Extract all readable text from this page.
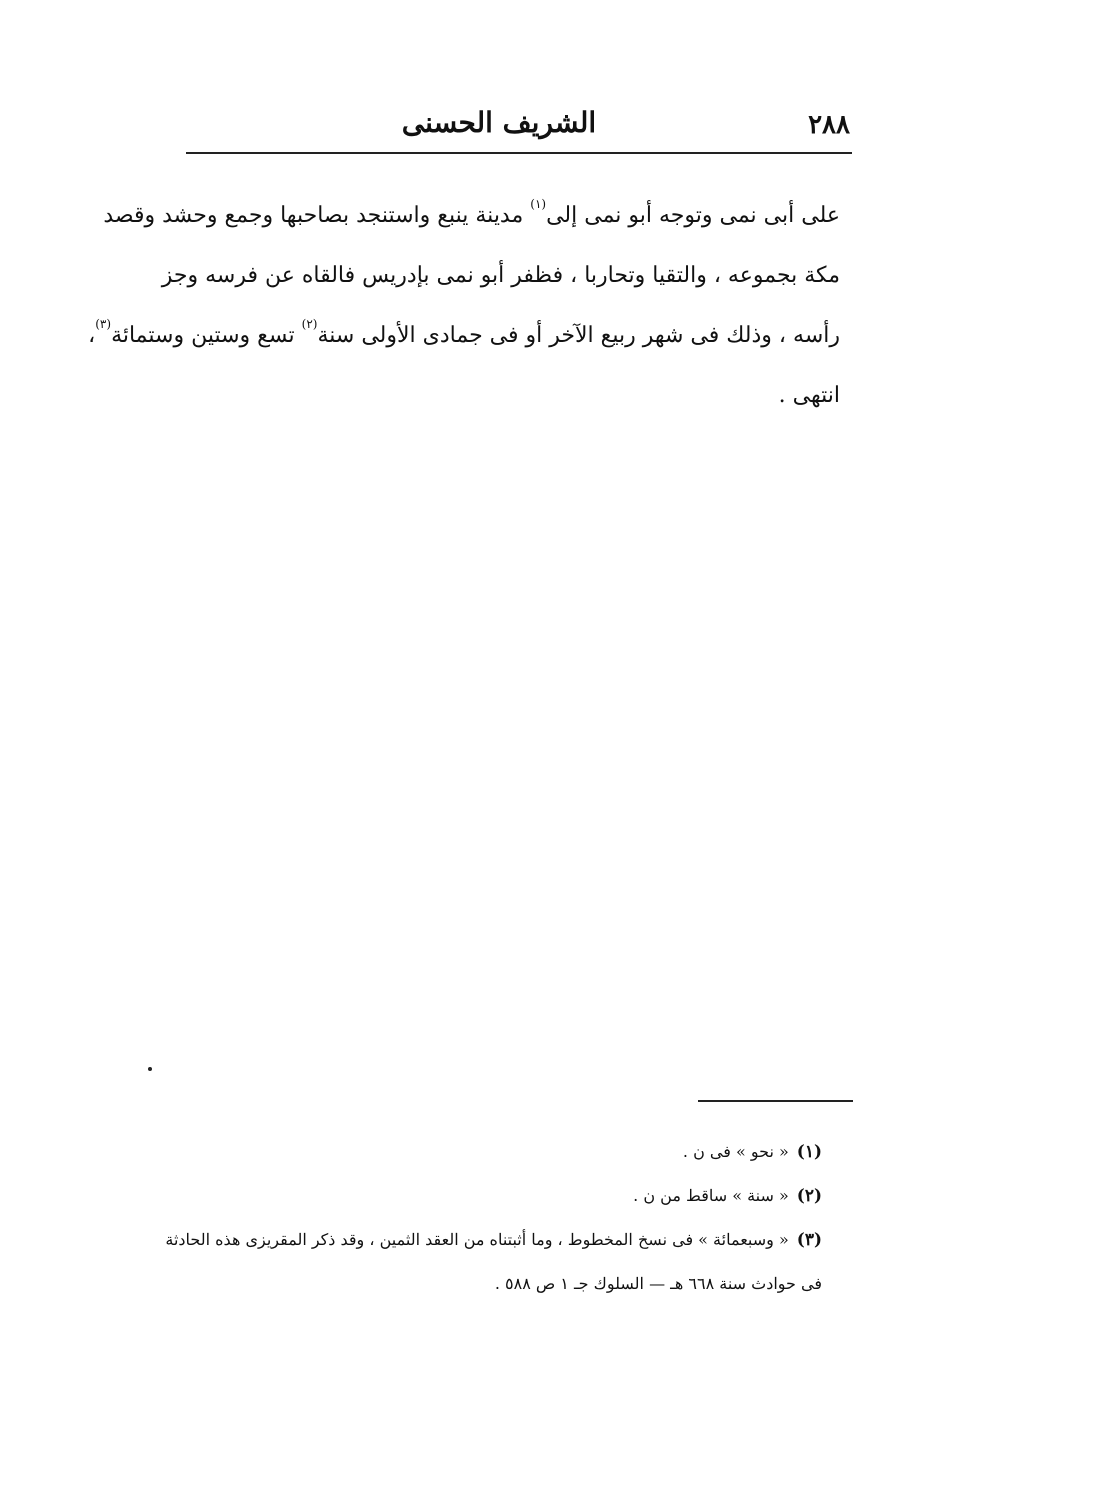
٢٨٨
الشريف الحسنى
على أبى نمى وتوجه أبو نمى إلى$^{(١)}$ مدينة ينبع واستنجد بصاحبها وجمع وحشد وقصد
مكة بجموعه ، والتقيا وتحاربا ، فظفر أبو نمى بإدريس فالقاه عن فرسه وجز
رأسه ، وذلك فى شهر ربيع الآخر أو فى جمادى الأولى سنة$^{(٢)}$ تسع وستين وستمائة$^{(٣)}$،
انتهى .
(١)« نحو » فى ن .
(٢)« سنة » ساقط من ن .
(٣)« وسبعمائة » فى نسخ المخطوط ، وما أثبتناه من العقد الثمين ، وقد ذكر المقريزى هذه الحادثة
فى حوادث سنة ٦٦٨ هـ — السلوك جـ ١ ص ٥٨٨ .
